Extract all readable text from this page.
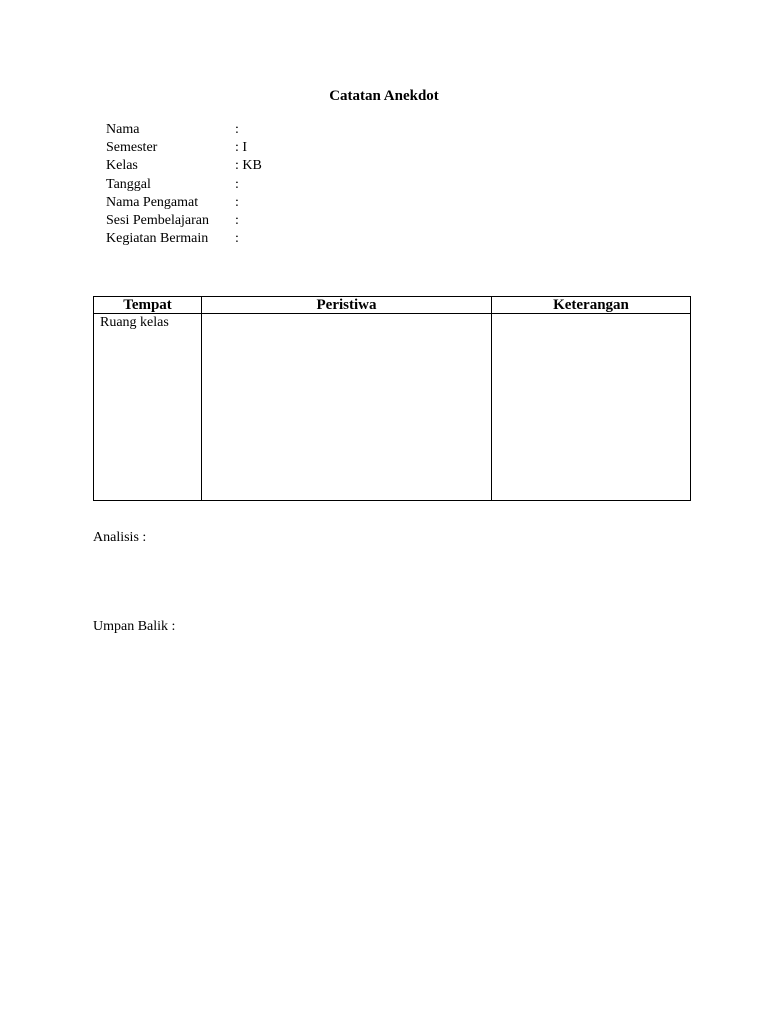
Catatan Anekdot
Nama	:
Semester	: I
Kelas	: KB
Tanggal	:
Nama Pengamat	:
Sesi Pembelajaran :
Kegiatan Bermain :
Tempat	Peristiwa	Keterangan
Ruang kelas		
Analisis :
Umpan Balik :
